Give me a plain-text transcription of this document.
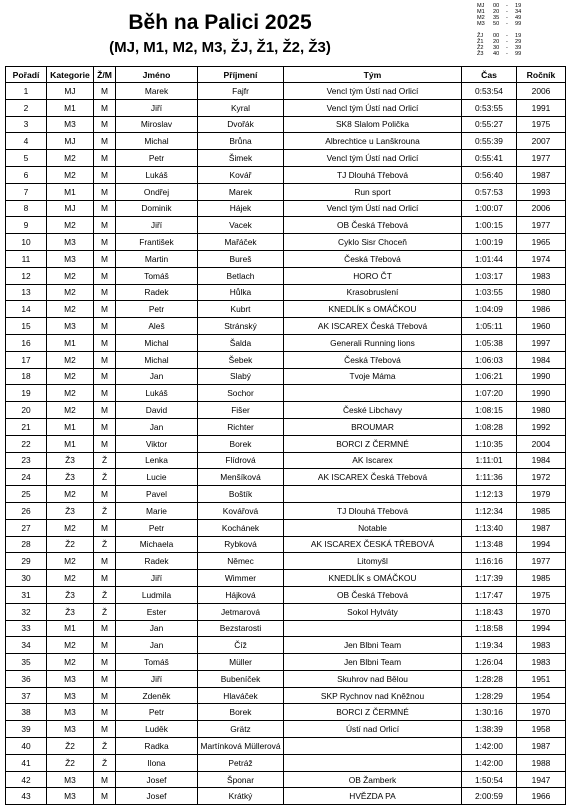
Běh na Palici 2025
(MJ, M1, M2, M3, ŽJ, Ž1, Ž2, Ž3)
MJ 00	19
-
M1 20	34
-
M2 35	49
-
M3 50	99
-
ŽJ 00	19
-
Ž1 20	29
-
Ž2 30	39
-
Ž3 40	99
-
Pořadí	Kategorie	Ž/M	Jméno	Příjmení	Tým	Čas	Ročník
1	MJ	M	Marek	Fajfr	Vencl tým Ústí nad Orlicí	0:53:54	2006
2	M1	M	Jiří	Kyral	Vencl tým Ústí nad Orlicí	0:53:55	1991
3	M3	M	Miroslav	Dvořák	SK8 Slalom Polička	0:55:27	1975
4	MJ	M	Michal	Brůna	Albrechtice u Lanškrouna	0:55:39	2007
5	M2	M	Petr	Šimek	Vencl tým Ústí nad Orlicí	0:55:41	1977
6	M2	M	Lukáš	Kovář	TJ Dlouhá Třebová	0:56:40	1987
7	M1	M	Ondřej	Marek	Run sport	0:57:53	1993
8	MJ	M	Dominik	Hájek	Vencl tým Ústí nad Orlicí	1:00:07	2006
9	M2	M	Jiří	Vacek	OB Česká Třebová	1:00:15	1977
10	M3	M	František	Mařáček	Cyklo Sisr Choceň	1:00:19	1965
11	M3	M	Martin	Bureš	Česká Třebová	1:01:44	1974
12	M2	M	Tomáš	Betlach	HORO ČT	1:03:17	1983
13	M2	M	Radek	Hůlka	Krasobruslení	1:03:55	1980
14	M2	M	Petr	Kubrt	KNEDLÍK s OMÁČKOU	1:04:09	1986
15	M3	M	Aleš	Stránský	AK ISCAREX Česká Třebová	1:05:11	1960
16	M1	M	Michal	Šalda	Generali Running lions	1:05:38	1997
17	M2	M	Michal	Šebek	Česká Třebová	1:06:03	1984
18	M2	M	Jan	Slabý	Tvoje Máma	1:06:21	1990
19	M2	M	Lukáš	Sochor		1:07:20	1990
20	M2	M	David	Fišer	České Libchavy	1:08:15	1980
21	M1	M	Jan	Richter	BROUMAR	1:08:28	1992
22	M1	M	Viktor	Borek	BORCI Z ČERMNÉ	1:10:35	2004
23	Ž3	Ž	Lenka	Flídrová	AK Iscarex	1:11:01	1984
24	Ž3	Ž	Lucie	Menšíková	AK ISCAREX Česká Třebová	1:11:36	1972
25	M2	M	Pavel	Boštík		1:12:13	1979
26	Ž3	Ž	Marie	Kovářová	TJ Dlouhá Třebová	1:12:34	1985
27	M2	M	Petr	Kochánek	Notable	1:13:40	1987
28	Ž2	Ž	Michaela	Rybková	AK ISCAREX ČESKÁ TŘEBOVÁ	1:13:48	1994
29	M2	M	Radek	Němec	Litomyšl	1:16:16	1977
30	M2	M	Jiří	Wimmer	KNEDLÍK s OMÁČKOU	1:17:39	1985
31	Ž3	Ž	Ludmila	Hájková	OB Česká Třebová	1:17:47	1975
32	Ž3	Ž	Ester	Jetmarová	Sokol Hylváty	1:18:43	1970
33	M1	M	Jan	Bezstarosti		1:18:58	1994
34	M2	M	Jan	Číž	Jen Blbni Team	1:19:34	1983
35	M2	M	Tomáš	Müller	Jen Blbni Team	1:26:04	1983
36	M3	M	Jiří	Bubeníček	Skuhrov nad Bělou	1:28:28	1951
37	M3	M	Zdeněk	Hlaváček	SKP Rychnov nad Kněžnou	1:28:29	1954
38	M3	M	Petr	Borek	BORCI Z ČERMNÉ	1:30:16	1970
39	M3	M	Luděk	Grätz	Ústí nad Orlicí	1:38:39	1958
40	Ž2	Ž	Radka	Martínková Müllerová		1:42:00	1987
41	Ž2	Ž	Ilona	Petráž		1:42:00	1988
42	M3	M	Josef	Šponar	OB Žamberk	1:50:54	1947
43	M3	M	Josef	Krátký	HVĚZDA PA	2:00:59	1966
